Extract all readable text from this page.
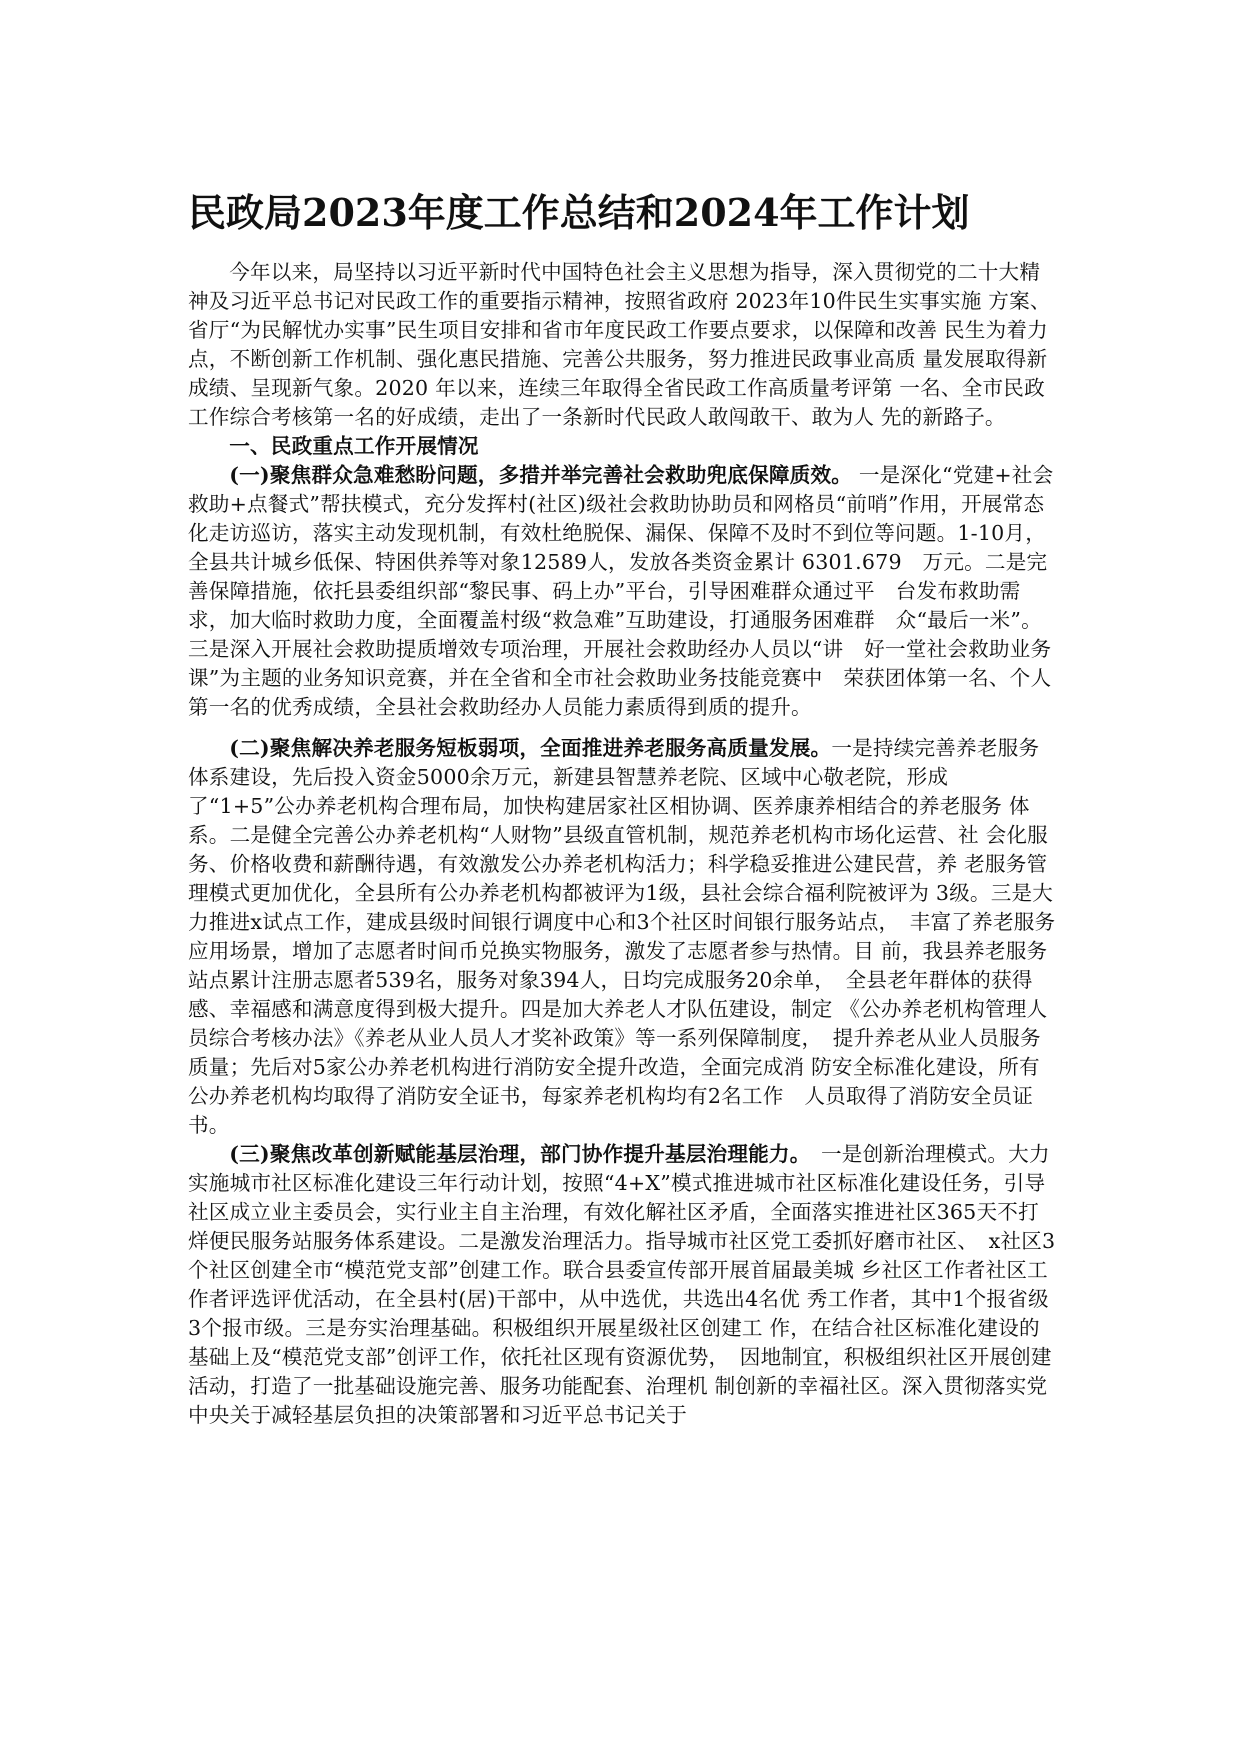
民政局2023年度工作总结和2024年工作计划

今年以来，局坚持以习近平新时代中国特色社会主义思想为指导，深入贯彻党的二十大精神及习近平总书记对民政工作的重要指示精神，按照省政府 2023年10件民生实事实施 方案、省厅“为民解忧办实事”民生项目安排和省市年度民政工作要点要求，以保障和改善 民生为着力点，不断创新工作机制、强化惠民措施、完善公共服务，努力推进民政事业高质 量发展取得新成绩、呈现新气象。2020 年以来，连续三年取得全省民政工作高质量考评第 一名、全市民政工作综合考核第一名的好成绩，走出了一条新时代民政人敢闯敢干、敢为人 先的新路子。

一、民政重点工作开展情况

(一)聚焦群众急难愁盼问题，多措并举完善社会救助兜底保障质效。 一是深化“党建+社会救助+点餐式”帮扶模式，充分发挥村(社区)级社会救助协助员和网格员“前哨”作用，开展常态化走访巡访，落实主动发现机制，有效杜绝脱保、漏保、保障不及时不到位等问题。1-10月，全县共计城乡低保、特困供养等对象12589人，发放各类资金累计 6301.679　万元。二是完善保障措施，依托县委组织部“黎民事、码上办”平台，引导困难群众通过平　台发布救助需求，加大临时救助力度，全面覆盖村级“救急难”互助建设，打通服务困难群　众“最后一米”。三是深入开展社会救助提质增效专项治理，开展社会救助经办人员以“讲　好一堂社会救助业务课”为主题的业务知识竞赛，并在全省和全市社会救助业务技能竞赛中　荣获团体第一名、个人第一名的优秀成绩，全县社会救助经办人员能力素质得到质的提升。

(二)聚焦解决养老服务短板弱项，全面推进养老服务高质量发展。一是持续完善养老服务体系建设，先后投入资金5000余万元，新建县智慧养老院、区域中心敬老院，形成 了“1+5”公办养老机构合理布局，加快构建居家社区相协调、医养康养相结合的养老服务 体系。二是健全完善公办养老机构“人财物”县级直管机制，规范养老机构市场化运营、社 会化服务、价格收费和薪酬待遇，有效激发公办养老机构活力；科学稳妥推进公建民营，养 老服务管理模式更加优化，全县所有公办养老机构都被评为1级，县社会综合福利院被评为 3级。三是大力推进x试点工作，建成县级时间银行调度中心和3个社区时间银行服务站点，　丰富了养老服务应用场景，增加了志愿者时间币兑换实物服务，激发了志愿者参与热情。目 前，我县养老服务站点累计注册志愿者539名，服务对象394人，日均完成服务20余单，　全县老年群体的获得感、幸福感和满意度得到极大提升。四是加大养老人才队伍建设，制定 《公办养老机构管理人员综合考核办法》《养老从业人员人才奖补政策》等一系列保障制度，　提升养老从业人员服务质量；先后对5家公办养老机构进行消防安全提升改造，全面完成消 防安全标准化建设，所有公办养老机构均取得了消防安全证书，每家养老机构均有2名工作　人员取得了消防安全员证书。

(三)聚焦改革创新赋能基层治理，部门协作提升基层治理能力。　一是创新治理模式。大力实施城市社区标准化建设三年行动计划，按照“4+X”模式推进城市社区标准化建设任务，引导社区成立业主委员会，实行业主自主治理，有效化解社区矛盾，全面落实推进社区365天不打烊便民服务站服务体系建设。二是激发治理活力。指导城市社区党工委抓好磨市社区、　x社区3个社区创建全市“模范党支部”创建工作。联合县委宣传部开展首届最美城 乡社区工作者社区工作者评选评优活动，在全县村(居)干部中，从中选优，共选出4名优 秀工作者，其中1个报省级3个报市级。三是夯实治理基础。积极组织开展星级社区创建工 作，在结合社区标准化建设的基础上及“模范党支部”创评工作，依托社区现有资源优势，　因地制宜，积极组织社区开展创建活动，打造了一批基础设施完善、服务功能配套、治理机 制创新的幸福社区。深入贯彻落实党中央关于减轻基层负担的决策部署和习近平总书记关于
